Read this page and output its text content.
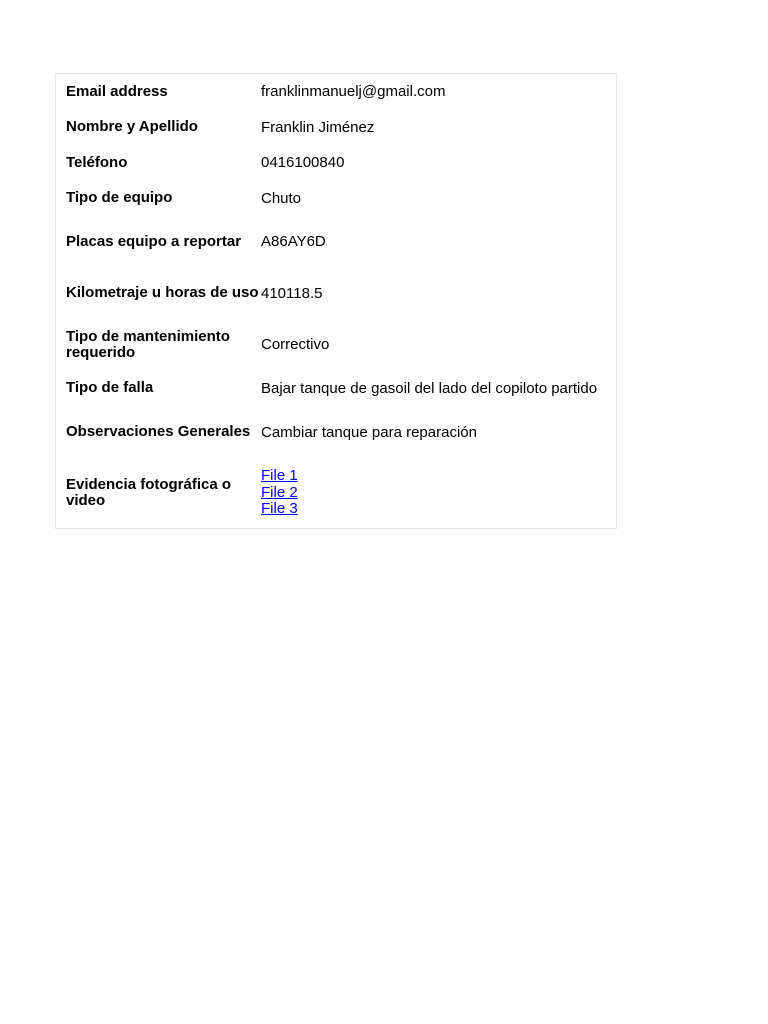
Email address	franklinmanuelj@gmail.com
Nombre y Apellido	Franklin Jiménez
Teléfono	0416100840
Tipo de equipo	Chuto
Placas equipo a reportar	A86AY6D
Kilometraje u horas de uso	410118.5
Tipo de mantenimiento requerido	Correctivo
Tipo de falla	Bajar tanque de gasoil del lado del copiloto partido
Observaciones Generales	Cambiar tanque para reparación
Evidencia fotográfica o video	File 1
File 2
File 3
